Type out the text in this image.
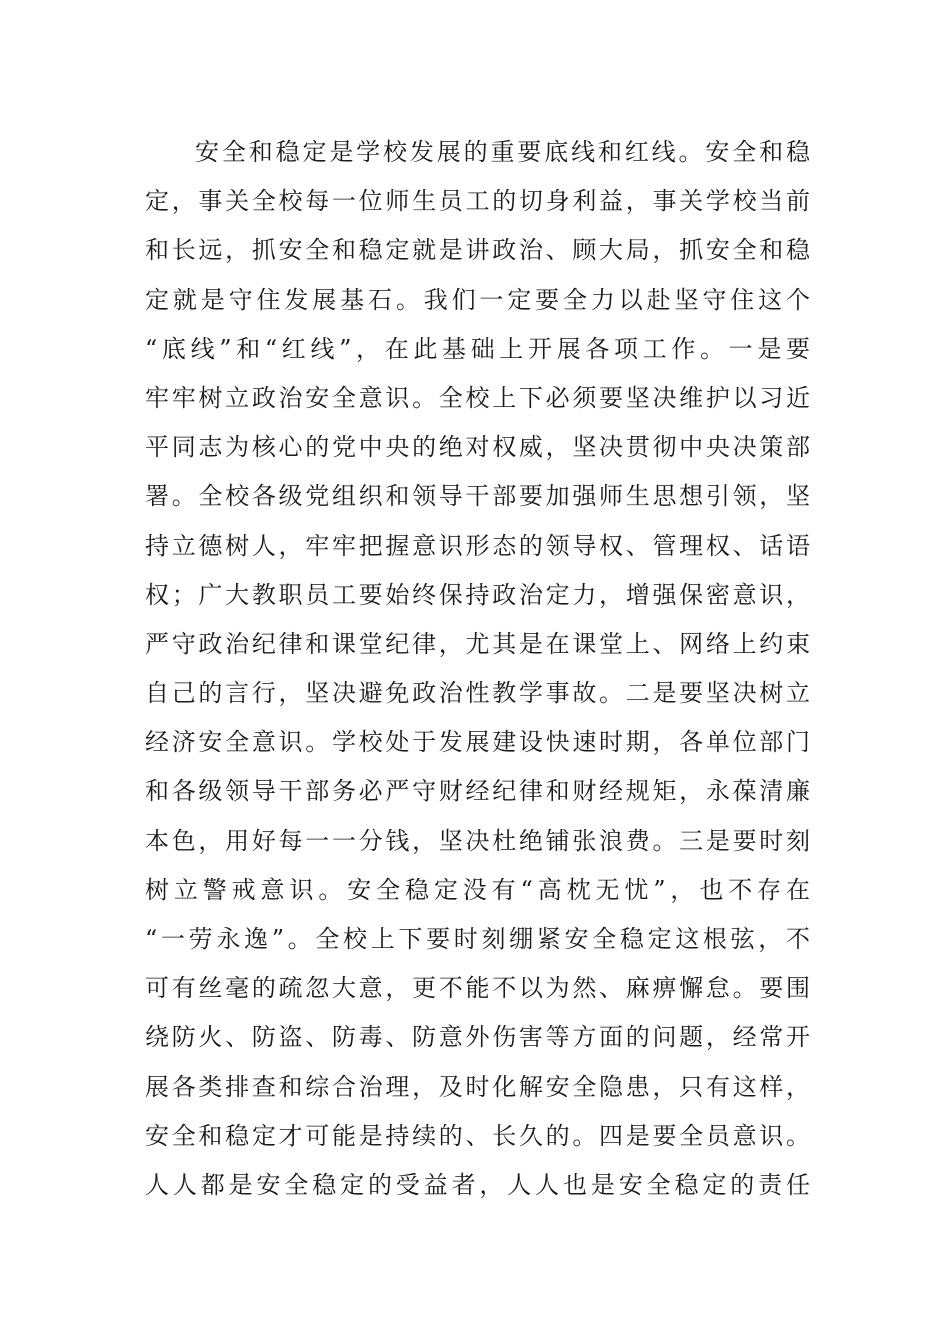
安全和稳定是学校发展的重要底线和红线。安全和稳
定，事关全校每一位师生员工的切身利益，事关学校当前
和长远，抓安全和稳定就是讲政治、顾大局，抓安全和稳
定就是守住发展基石。我们一定要全力以赴坚守住这个
“底线”和“红线”，在此基础上开展各项工作。一是要
牢牢树立政治安全意识。全校上下必须要坚决维护以习近
平同志为核心的党中央的绝对权威，坚决贯彻中央决策部
署。全校各级党组织和领导干部要加强师生思想引领，坚
持立德树人，牢牢把握意识形态的领导权、管理权、话语
权；广大教职员工要始终保持政治定力，增强保密意识，
严守政治纪律和课堂纪律，尤其是在课堂上、网络上约束
自己的言行，坚决避免政治性教学事故。二是要坚决树立
经济安全意识。学校处于发展建设快速时期，各单位部门
和各级领导干部务必严守财经纪律和财经规矩，永葆清廉
本色，用好每一一分钱，坚决杜绝铺张浪费。三是要时刻
树立警戒意识。安全稳定没有“高枕无忧”，也不存在
“一劳永逸”。全校上下要时刻绷紧安全稳定这根弦，不
可有丝毫的疏忽大意，更不能不以为然、麻痹懈怠。要围
绕防火、防盗、防毒、防意外伤害等方面的问题，经常开
展各类排查和综合治理，及时化解安全隐患，只有这样，
安全和稳定才可能是持续的、长久的。四是要全员意识。
人人都是安全稳定的受益者，人人也是安全稳定的责任
